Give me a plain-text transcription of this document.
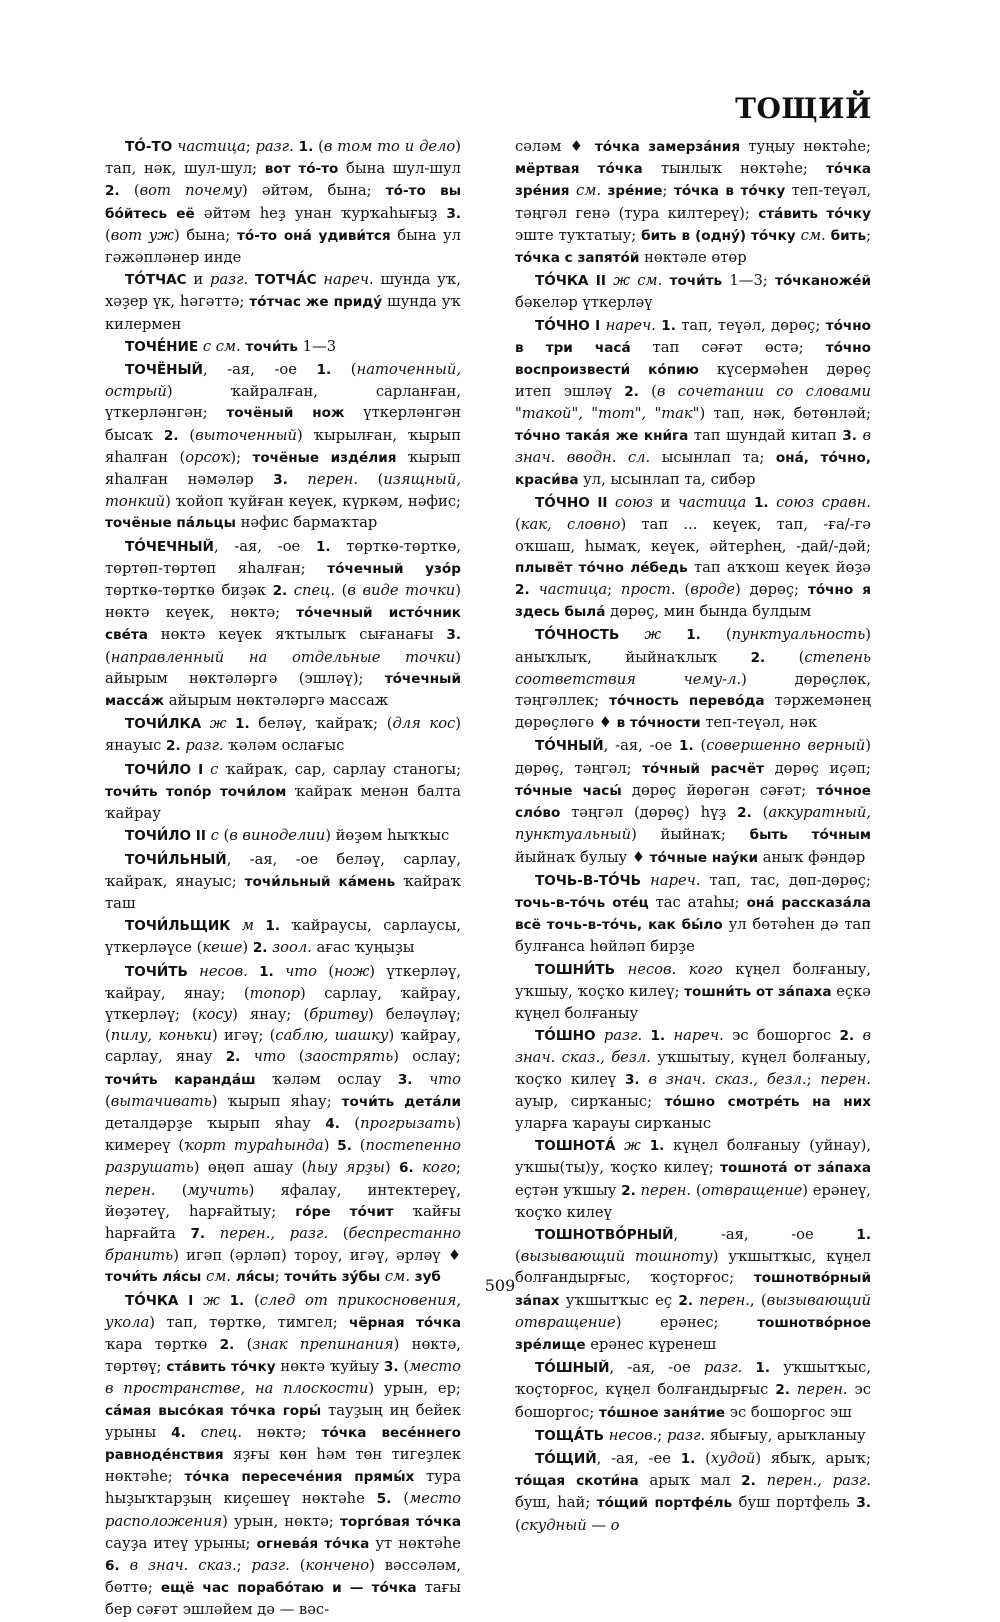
ТОЩИЙ

ТО́-ТО частица; разг. 1. (в том то и дело) тап, нәк, шул-шул; вот то́-то бына шул-шул 2. (вот почему) әйтәм, бына; то́-то вы бо́йтесь её әйтәм һеҙ унан ҡурҡаһығыҙ 3. (вот уж) бына; то́-то она́ удиви́тся бына ул гәжәпләнер инде

ТО́ТЧАС и разг. ТОТЧА́С нареч. шунда уҡ, хәҙер үк, һәгәттә; то́тчас же приду́ шунда уҡ килермен

ТОЧЕ́НИЕ с см. точи́ть 1—3

ТОЧЁНЫЙ, -ая, -ое 1. (наточенный, острый) ҡайралған, сарланған, үткерләнгән; точёный нож үткерләнгән бысаҡ 2. (выточенный) ҡырылған, ҡырып яһалған (орсоҡ); точёные изде́лия ҡырып яһалған нәмәләр 3. перен. (изящный, тонкий) ҡойоп ҡуйған кеүек, күркәм, нәфис; точёные па́льцы нәфис бармаҡтар

ТО́ЧЕЧНЫЙ, -ая, -ое 1. төрткө-төрткө, төртөп-төртөп яһалған; то́чечный узо́р төрткө-төрткө биҙәк 2. спец. (в виде точки) нөктә кеүек, нөктә; то́чечный исто́чник све́та нөктә кеүек яҡтылыҡ сығанағы 3. (направленный на отдельные точки) айырым нөктәләргә (эшләү); то́чечный масса́ж айырым нөктәләргә массаж

ТОЧИ́ЛКА ж 1. беләү, ҡайраҡ; (для кос) янауыс 2. разг. ҡәләм ослағыс

ТОЧИ́ЛО I с ҡайраҡ, сар, сарлау станогы; точи́ть топо́р точи́лом ҡайраҡ менән балта ҡайрау

ТОЧИ́ЛО II с (в виноделии) йөҙөм һыҡҡыс

ТОЧИ́ЛЬНЫЙ, -ая, -ое беләү, сарлау, ҡайраҡ, янауыс; точи́льный ка́мень ҡайраҡ таш

ТОЧИ́ЛЬЩИК м 1. ҡайраусы, сарлаусы, үткерләүсе (кеше) 2. зоол. ағас ҡуңыҙы

ТОЧИ́ТЬ несов. 1. что (нож) үткерләү, ҡайрау, янау; (топор) сарлау, ҡайрау, үткерләү; (косу) янау; (бритву) беләүләү; (пилу, коньки) игәү; (саблю, шашку) ҡайрау, сарлау, янау 2. что (заострять) ослау; точи́ть каранда́ш ҡәләм ослау 3. что (вытачивать) ҡырып яһау; точи́ть дета́ли деталдәрҙе ҡырып яһау 4. (прогрызать) кимереү (ҡорт тураһында) 5. (постепенно разрушать) өңөп ашау (һыу ярҙы) 6. кого; перен. (мучить) яфалау, интектереү, йөҙәтеү, һарғайтыу; го́ре то́чит ҡайғы һарғайта 7. перен., разг. (беспрестанно бранить) игәп (әрләп) тороу, игәү, әрләү ♦ точи́ть ля́сы см. ля́сы; точи́ть зу́бы см. зуб

ТО́ЧКА I ж 1. (след от прикосновения, укола) тап, төрткө, тимгел; чёрная то́чка ҡара төрткө 2. (знак препинания) нөктә, төртөү; ста́вить то́чку нөктә ҡуйыу 3. (место в пространстве, на плоскости) урын, ер; са́мая высо́кая то́чка горы́ тауҙың иң бейек урыны 4. спец. нөктә; то́чка весе́ннего равноде́нствия яҙғы көн һәм төн тигеҙлек нөктәһе; то́чка пересече́ния прямы́х тура һыҙыҡтарҙың киҫешеү нөктәһе 5. (место расположения) урын, нөктә; торго́вая то́чка сауҙа итеү урыны; огнева́я то́чка ут нөктәһе 6. в знач. сказ.; разг. (кончено) вәссәләм, бөттө; ещё час порабо́таю и — то́чка тағы бер сәғәт эшләйем дә — вәс-

сәләм ♦ то́чка замерза́ния туңыу нөктәһе; мёртвая то́чка тынлыҡ нөктәһе; то́чка зре́ния см. зре́ние; то́чка в то́чку теп-теүәл, тәңгәл генә (тура килтереү); ста́вить то́чку эште туҡтатыу; бить в (одну́) то́чку см. бить; то́чка с запято́й нөктәле өтөр

ТО́ЧКА II ж см. точи́ть 1—3; то́чканоже́й бәкеләр үткерләү

ТО́ЧНО I нареч. 1. тап, теүәл, дөрөҫ; то́чно в три часа́ тап сәғәт өстә; то́чно воспроизвести́ ко́пию күсермәһен дөрөҫ итеп эшләү 2. (в сочетании со словами "такой", "тот", "так") тап, нәк, бөтөнләй; то́чно така́я же кни́га тап шундай китап 3. в знач. вводн. сл. ысынлап та; она́, то́чно, краси́ва ул, ысынлап та, сибәр

ТО́ЧНО II союз и частица 1. союз сравн. (как, словно) тап ... кеүек, тап, -ға/-гә оҡшаш, һымаҡ, кеүек, әйтерһең, -дай/-дәй; плывёт то́чно ле́бедь тап аҡҡош кеүек йөҙә 2. частица; прост. (вроде) дөрөҫ; то́чно я здесь была́ дөрөҫ, мин бында булдым

ТО́ЧНОСТЬ ж 1. (пунктуальность) аныҡлыҡ, йыйнаҡлыҡ 2. (степень соответствия чему-л.) дөрөҫлөк, тәңгәллек; то́чность перево́да тәржемәнең дөрөҫлөгө ♦ в то́чности теп-теүәл, нәк

ТО́ЧНЫЙ, -ая, -ое 1. (совершенно верный) дөрөҫ, тәңгәл; то́чный расчёт дөрөҫ иҫәп; то́чные часы́ дөрөҫ йөрөгән сәғәт; то́чное сло́во тәңгәл (дөрөҫ) һүҙ 2. (аккуратный, пунктуальный) йыйнаҡ; быть то́чным йыйнаҡ булыу ♦ то́чные нау́ки аныҡ фәндәр

ТОЧЬ-В-ТО́ЧЬ нареч. тап, тас, дөп-дөрөҫ; точь-в-то́чь оте́ц тас атаһы; она́ рассказа́ла всё точь-в-то́чь, как бы́ло ул бөтәһен дә тап булғанса һөйләп бирҙе

ТОШНИ́ТЬ несов. кого күңел болғаныу, уҡшыу, ҡоҫҡо килеү; тошни́ть от за́паха еҫкә күңел болғаныу

ТО́ШНО разг. 1. нареч. эс бошоргос 2. в знач. сказ., безл. уҡшытыу, күңел болғаныу, ҡоҫҡо килеү 3. в знач. сказ., безл.; перен. ауыр, сирҡаныс; то́шно смотре́ть на них уларға ҡарауы сирҡаныс

ТОШНОТА́ ж 1. күңел болғаныу (уйнау), уҡшы(ты)у, ҡоҫҡо килеү; тошнота́ от за́паха еҫтән уҡшыу 2. перен. (отвращение) ерәнеү, ҡоҫҡо килеү

ТОШНОТВО́РНЫЙ, -ая, -ое 1. (вызывающий тошноту) уҡшытҡыс, күңел болғандырғыс, ҡоҫторғос; тошнотво́рный за́пах уҡшытҡыс еҫ 2. перен., (вызывающий отвращение) ерәнес; тошнотво́рное зре́лище ерәнес күренеш

ТО́ШНЫЙ, -ая, -ое разг. 1. уҡшытҡыс, ҡоҫторғос, күңел болғандырғыс 2. перен. эс бошоргос; то́шное заня́тие эс бошоргос эш

ТОЩА́ТЬ несов.; разг. ябығыу, арыҡланыу

ТО́ЩИЙ, -ая, -ее 1. (худой) ябыҡ, арыҡ; то́щая скоти́на арыҡ мал 2. перен., разг. буш, һай; то́щий портфе́ль буш портфель 3. (скудный — о

509
